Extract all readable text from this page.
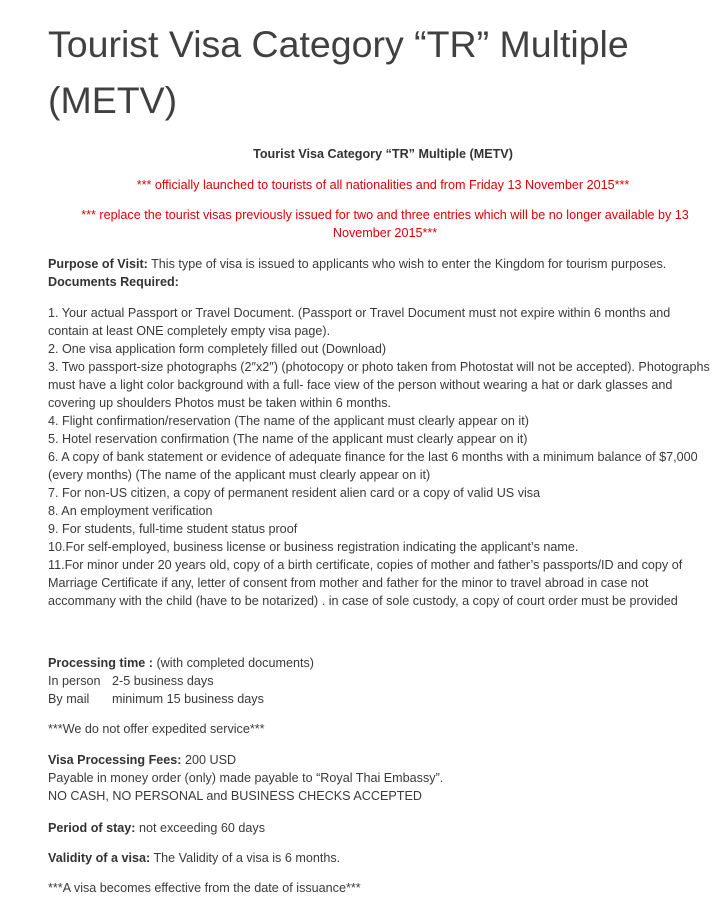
Tourist Visa Category “TR” Multiple (METV)
Tourist Visa Category “TR” Multiple (METV)
*** officially launched to tourists of all nationalities and from Friday 13 November 2015***
*** replace the tourist visas previously issued for two and three entries which will be no longer available by 13 November 2015***
Purpose of Visit: This type of visa is issued to applicants who wish to enter the Kingdom for tourism purposes.
Documents Required:
1. Your actual Passport or Travel Document. (Passport or Travel Document must not expire within 6 months and contain at least ONE completely empty visa page).
2. One visa application form completely filled out (Download)
3. Two passport-size photographs (2″x2″) (photocopy or photo taken from Photostat will not be accepted). Photographs must have a light color background with a full- face view of the person without wearing a hat or dark glasses and covering up shoulders Photos must be taken within 6 months.
4. Flight confirmation/reservation (The name of the applicant must clearly appear on it)
5. Hotel reservation confirmation (The name of the applicant must clearly appear on it)
6. A copy of bank statement or evidence of adequate finance for the last 6 months with a minimum balance of $7,000 (every months) (The name of the applicant must clearly appear on it)
7. For non-US citizen, a copy of permanent resident alien card or a copy of valid US visa
8. An employment verification
9. For students, full-time student status proof
10.For self-employed, business license or business registration indicating the applicant’s name.
11.For minor under 20 years old, copy of a birth certificate, copies of mother and father’s passports/ID and copy of Marriage Certificate if any, letter of consent from mother and father for the minor to travel abroad in case not accommany with the child (have to be notarized) . in case of sole custody, a copy of court order must be provided
Processing time : (with completed documents)
In person 2-5 business days
By mail minimum 15 business days
***We do not offer expedited service***
Visa Processing Fees: 200 USD
Payable in money order (only) made payable to “Royal Thai Embassy”.
NO CASH, NO PERSONAL and BUSINESS CHECKS ACCEPTED
Period of stay: not exceeding 60 days
Validity of a visa: The Validity of a visa is 6 months.
***A visa becomes effective from the date of issuance***
